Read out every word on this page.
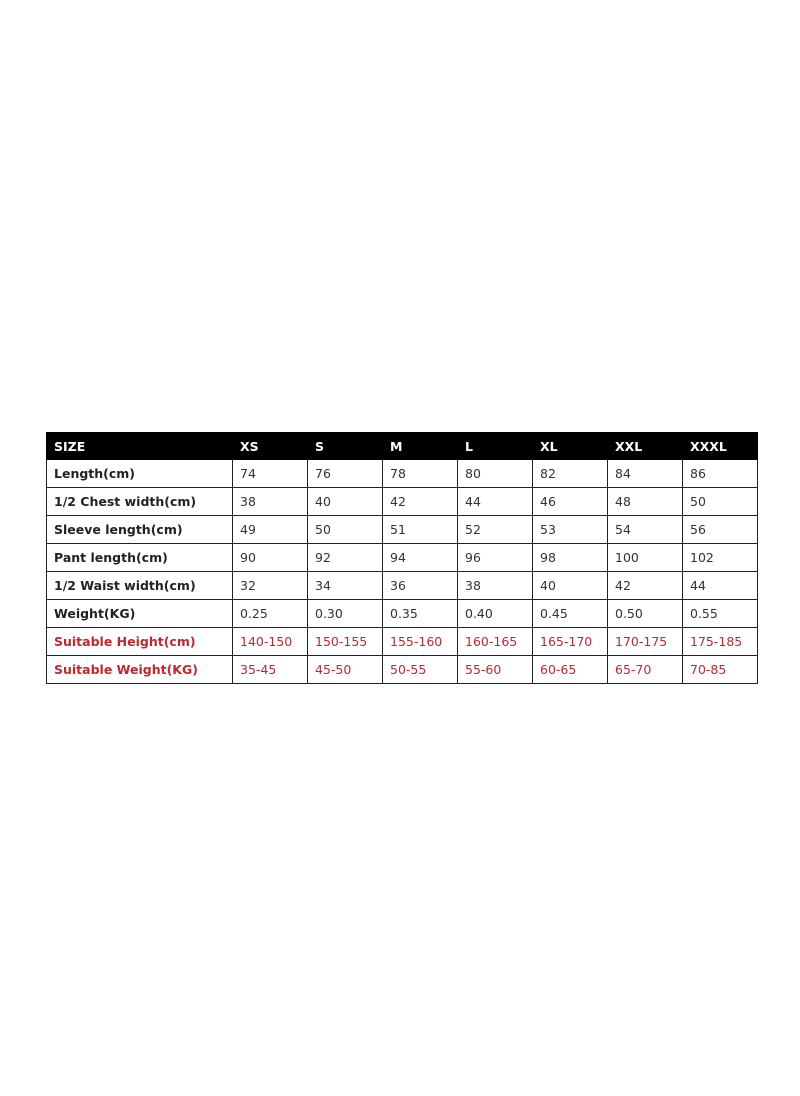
SIZE	XS	S	M	L	XL	XXL	XXXL
Length(cm)	74	76	78	80	82	84	86
1/2 Chest width(cm)	38	40	42	44	46	48	50
Sleeve length(cm)	49	50	51	52	53	54	56
Pant length(cm)	90	92	94	96	98	100	102
1/2 Waist width(cm)	32	34	36	38	40	42	44
Weight(KG)	0.25	0.30	0.35	0.40	0.45	0.50	0.55
Suitable Height(cm)	140-150	150-155	155-160	160-165	165-170	170-175	175-185
Suitable Weight(KG)	35-45	45-50	50-55	55-60	60-65	65-70	70-85
